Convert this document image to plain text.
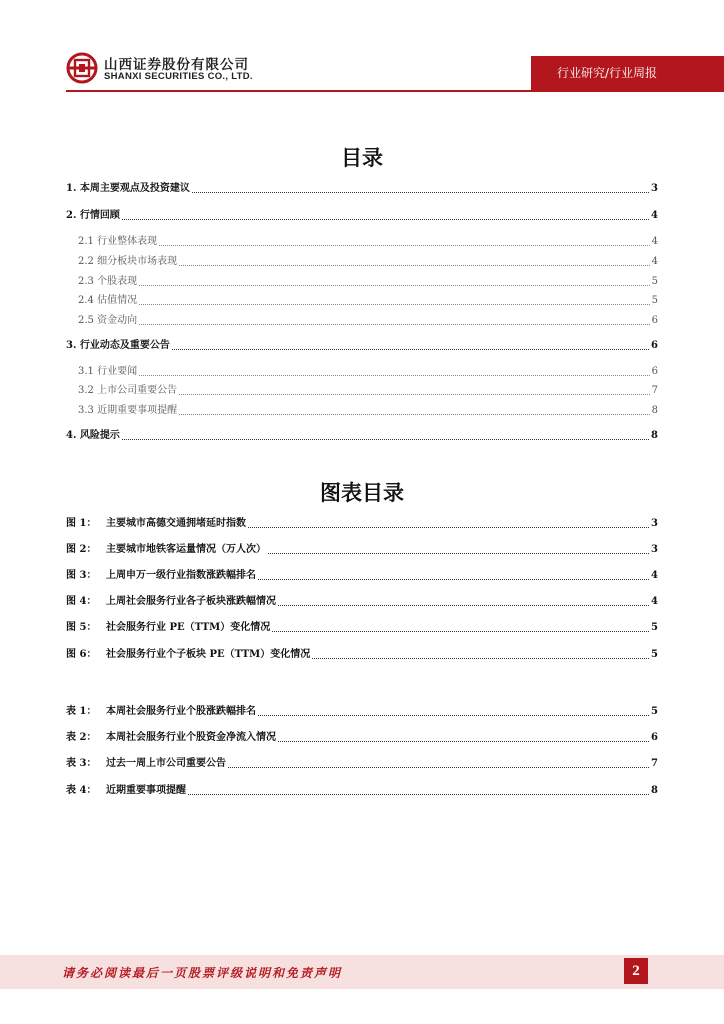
山西证券股份有限公司
SHANXI SECURITIES CO., LTD.	行业研究/行业周报
目录
1. 本周主要观点及投资建议	3
2. 行情回顾	4
2.1 行业整体表现	4
2.2 细分板块市场表现	4
2.3 个股表现	5
2.4 估值情况	5
2.5 资金动向	6
3. 行业动态及重要公告	6
3.1 行业要闻	6
3.2 上市公司重要公告	7
3.3 近期重要事项提醒	8
4. 风险提示	8
图表目录
图 1： 主要城市高德交通拥堵延时指数	3
图 2： 主要城市地铁客运量情况（万人次）	3
图 3： 上周申万一级行业指数涨跌幅排名	4
图 4： 上周社会服务行业各子板块涨跌幅情况	4
图 5： 社会服务行业 PE（TTM）变化情况	5
图 6： 社会服务行业个子板块 PE（TTM）变化情况	5
表 1： 本周社会服务行业个股涨跌幅排名	5
表 2： 本周社会服务行业个股资金净流入情况	6
表 3： 过去一周上市公司重要公告	7
表 4： 近期重要事项提醒	8
请务必阅读最后一页股票评级说明和免责声明	2
